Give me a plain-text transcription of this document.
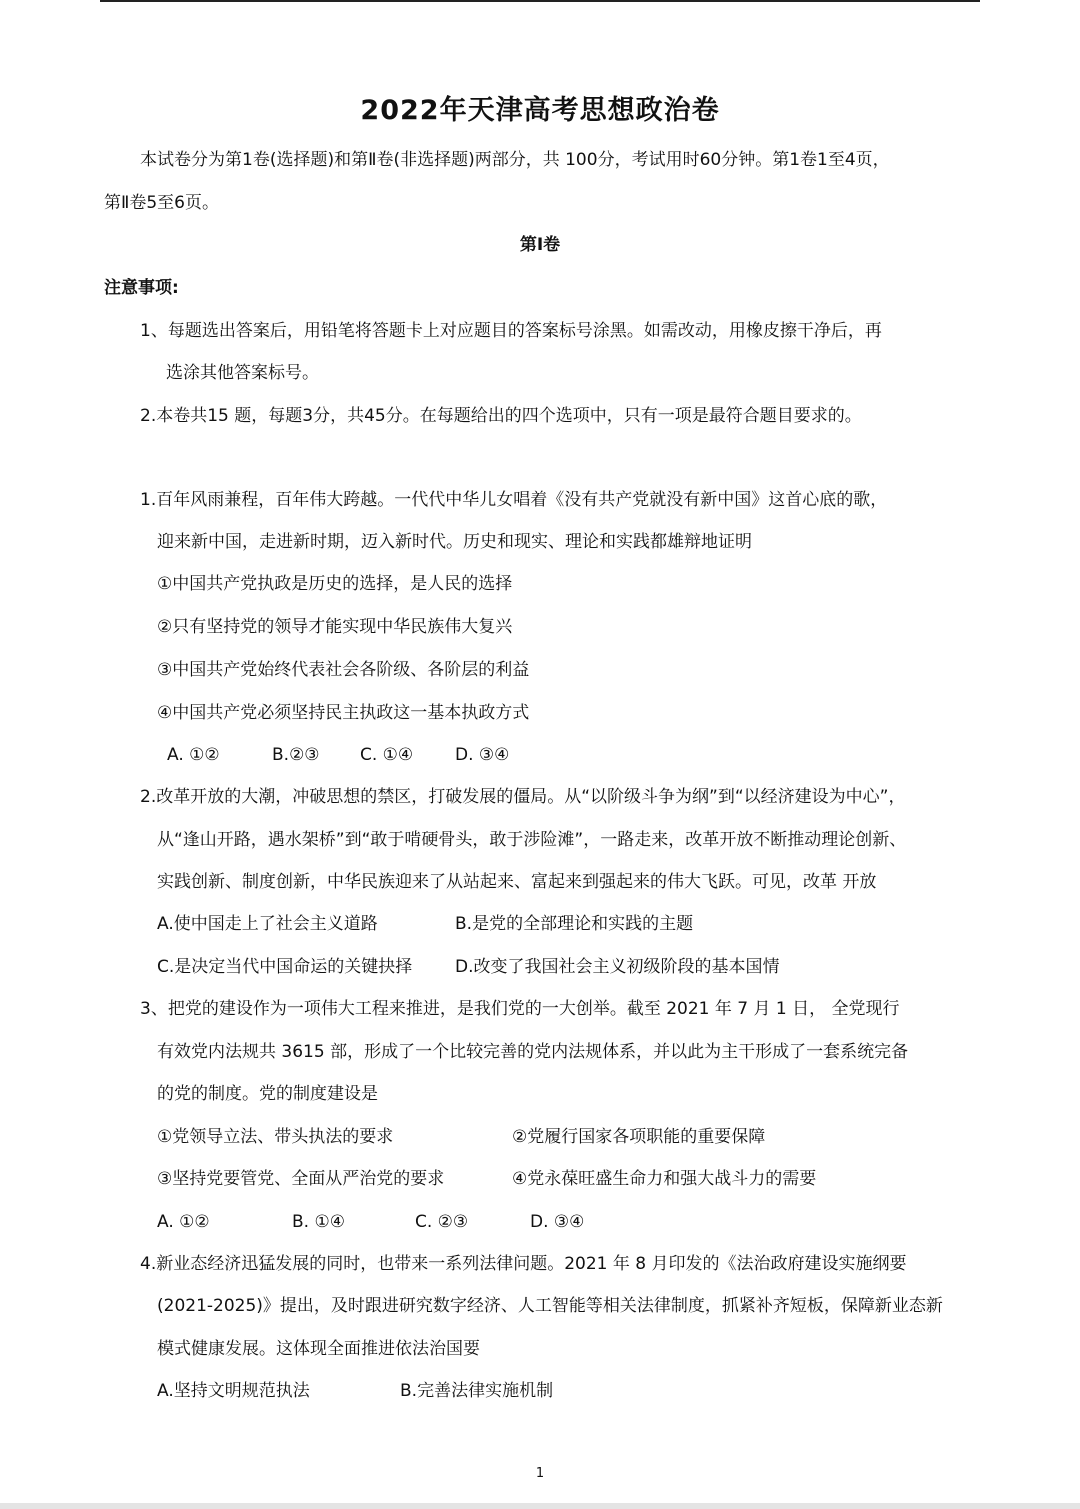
2022年天津高考思想政治卷
本试卷分为第1卷(选择题)和第Ⅱ卷(非选择题)两部分，共 100分，考试用时60分钟。第1卷1至4页，
第Ⅱ卷5至6页。
第Ⅰ卷
注意事项:
1、每题选出答案后，用铅笔将答题卡上对应题目的答案标号涂黑。如需改动，用橡皮擦干净后，再
选涂其他答案标号。
2.本卷共15 题，每题3分，共45分。在每题给出的四个选项中，只有一项是最符合题目要求的。
1.百年风雨兼程，百年伟大跨越。一代代中华儿女唱着《没有共产党就没有新中国》这首心底的歌，
迎来新中国，走进新时期，迈入新时代。历史和现实、理论和实践都雄辩地证明
①中国共产党执政是历史的选择，是人民的选择
②只有坚持党的领导才能实现中华民族伟大复兴
③中国共产党始终代表社会各阶级、各阶层的利益
④中国共产党必须坚持民主执政这一基本执政方式
A. ①②	B.②③ C. ①④ D. ③④
2.改革开放的大潮，冲破思想的禁区，打破发展的僵局。从“以阶级斗争为纲”到“以经济建设为中心”，
从“逢山开路，遇水架桥”到“敢于啃硬骨头，敢于涉险滩”，一路走来，改革开放不断推动理论创新、
实践创新、制度创新，中华民族迎来了从站起来、富起来到强起来的伟大飞跃。可见，改革 开放
A.使中国走上了社会主义道路	B.是党的全部理论和实践的主题
C.是决定当代中国命运的关键抉择	D.改变了我国社会主义初级阶段的基本国情
3、把党的建设作为一项伟大工程来推进，是我们党的一大创举。截至 2021 年 7 月 1 日， 全党现行
有效党内法规共 3615 部，形成了一个比较完善的党内法规体系，并以此为主干形成了一套系统完备
的党的制度。党的制度建设是
①党领导立法、带头执法的要求	②党履行国家各项职能的重要保障
③坚持党要管党、全面从严治党的要求	④党永葆旺盛生命力和强大战斗力的需要
A. ①②	B. ①④	C. ②③	D. ③④
4.新业态经济迅猛发展的同时，也带来一系列法律问题。2021 年 8 月印发的《法治政府建设实施纲要
(2021-2025)》提出，及时跟进研究数字经济、人工智能等相关法律制度，抓紧补齐短板，保障新业态新
模式健康发展。这体现全面推进依法治国要
A.坚持文明规范执法	B.完善法律实施机制
1
